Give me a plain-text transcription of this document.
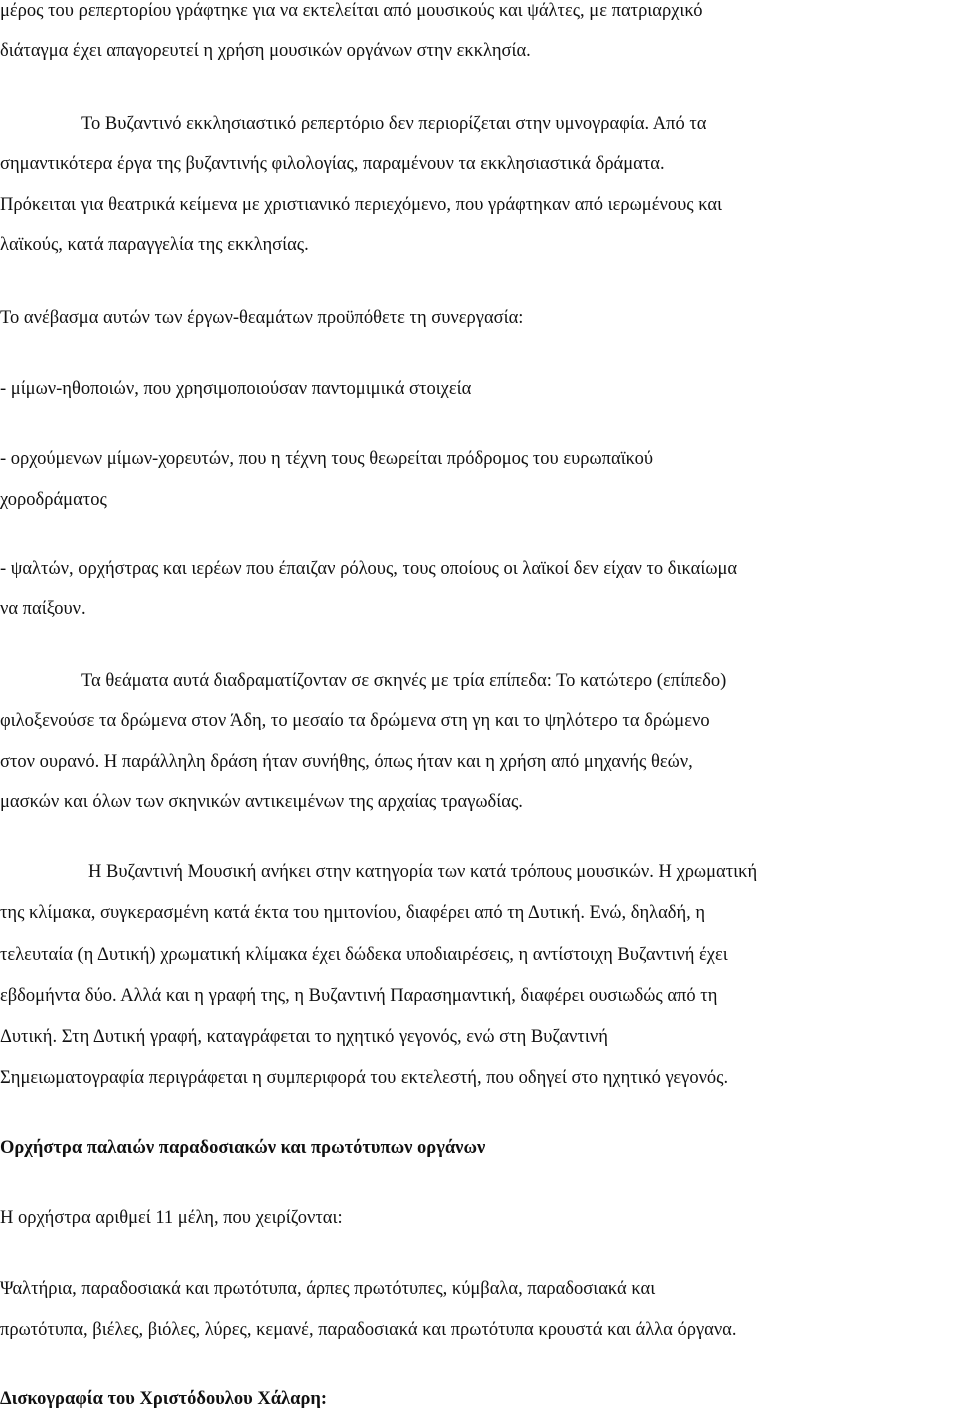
μέρος του ρεπερτορίου γράφτηκε για να εκτελείται από μουσικούς και ψάλτες, με πατριαρχικό
διάταγμα έχει απαγορευτεί η χρήση μουσικών οργάνων στην εκκλησία.
Το Βυζαντινό εκκλησιαστικό ρεπερτόριο δεν περιορίζεται στην υμνογραφία. Από τα
σημαντικότερα έργα της βυζαντινής φιλολογίας, παραμένουν τα εκκλησιαστικά δράματα.
Πρόκειται για θεατρικά κείμενα με χριστιανικό περιεχόμενο, που γράφτηκαν από ιερωμένους και
λαϊκούς, κατά παραγγελία της εκκλησίας.
Το ανέβασμα αυτών των έργων-θεαμάτων προϋπόθετε τη συνεργασία:
- μίμων-ηθοποιών, που χρησιμοποιούσαν παντομιμικά στοιχεία
- ορχούμενων μίμων-χορευτών, που η τέχνη τους θεωρείται πρόδρομος του ευρωπαϊκού
χοροδράματος
- ψαλτών, ορχήστρας και ιερέων που έπαιζαν ρόλους, τους οποίους οι λαϊκοί δεν είχαν το δικαίωμα
να παίξουν.
Τα θεάματα αυτά διαδραματίζονταν σε σκηνές με τρία επίπεδα: Το κατώτερο (επίπεδο)
φιλοξενούσε τα δρώμενα στον Άδη, το μεσαίο τα δρώμενα στη γη και το ψηλότερο τα δρώμενο
στον ουρανό. Η παράλληλη δράση ήταν συνήθης, όπως ήταν και η χρήση από μηχανής θεών,
μασκών και όλων των σκηνικών αντικειμένων της αρχαίας τραγωδίας.
Η Βυζαντινή Μουσική ανήκει στην κατηγορία των κατά τρόπους μουσικών. Η χρωματική
της κλίμακα, συγκερασμένη κατά έκτα του ημιτονίου, διαφέρει από τη Δυτική. Ενώ, δηλαδή, η
τελευταία (η Δυτική) χρωματική κλίμακα έχει δώδεκα υποδιαιρέσεις, η αντίστοιχη Βυζαντινή έχει
εβδομήντα δύο. Αλλά και η γραφή της, η Βυζαντινή Παρασημαντική, διαφέρει ουσιωδώς από τη
Δυτική. Στη Δυτική γραφή, καταγράφεται το ηχητικό γεγονός, ενώ στη Βυζαντινή
Σημειωματογραφία περιγράφεται η συμπεριφορά του εκτελεστή, που οδηγεί στο ηχητικό γεγονός.
Ορχήστρα παλαιών παραδοσιακών και πρωτότυπων οργάνων
Η ορχήστρα αριθμεί 11 μέλη, που χειρίζονται:
Ψαλτήρια, παραδοσιακά και πρωτότυπα, άρπες πρωτότυπες, κύμβαλα, παραδοσιακά και
πρωτότυπα, βιέλες, βιόλες, λύρες, κεμανέ, παραδοσιακά και πρωτότυπα κρουστά και άλλα όργανα.
Δισκογραφία του Χριστόδουλου Χάλαρη:
